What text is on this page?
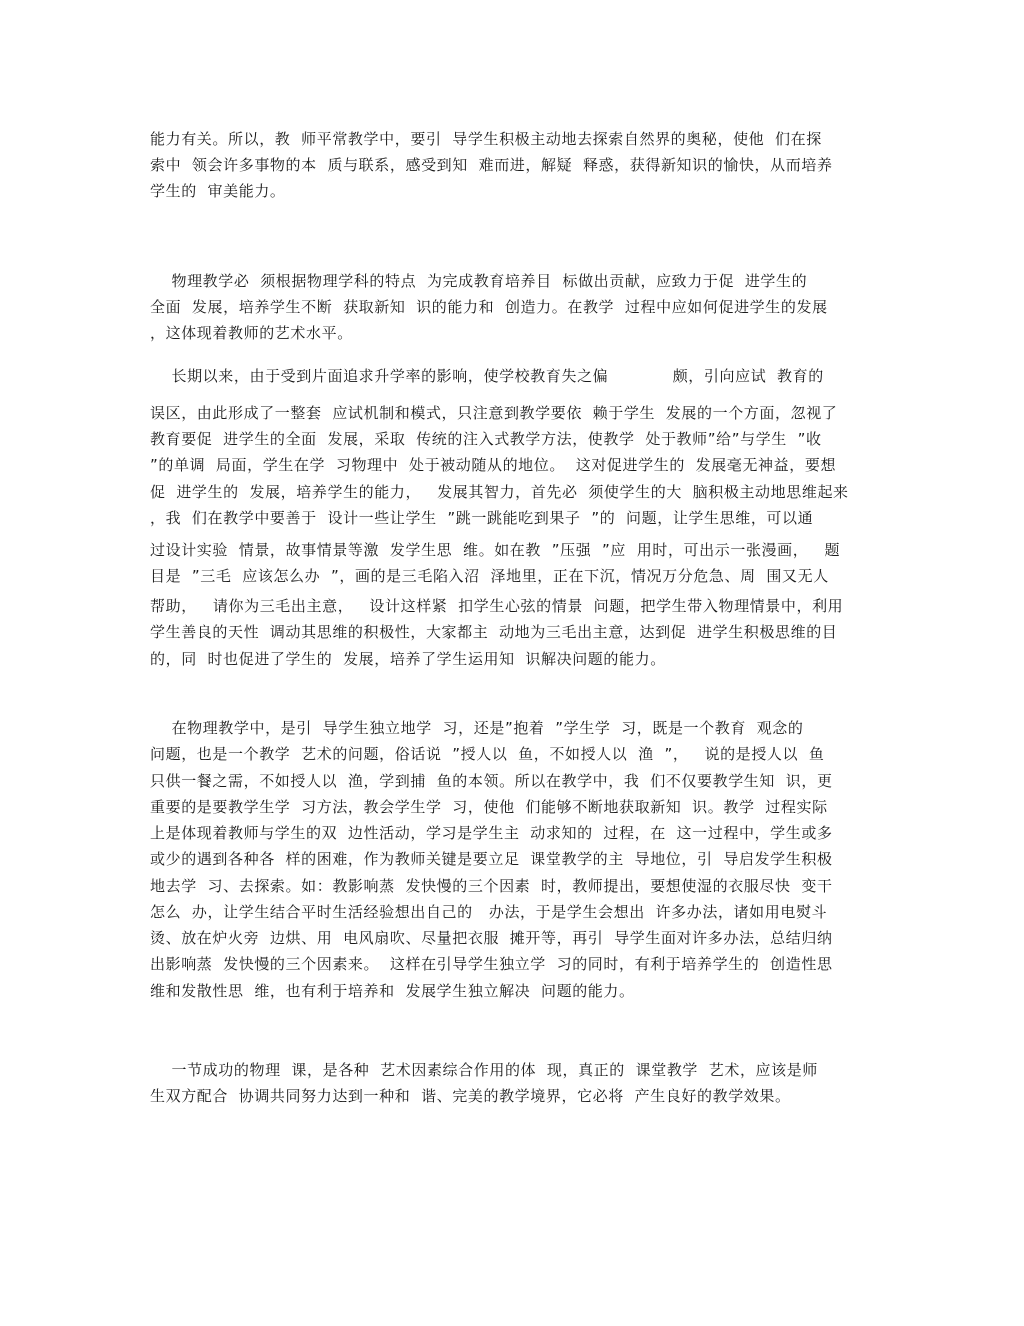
能力有关。所以，教  师平常教学中，要引  导学生积极主动地去探索自然界的奥秘，使他  们在探
索中  领会许多事物的本  质与联系，感受到知  难而进，解疑  释惑，获得新知识的愉快，从而培养
学生的  审美能力。
物理教学必  须根据物理学科的特点  为完成教育培养目  标做出贡献，应致力于促  进学生的
全面  发展，培养学生不断  获取新知  识的能力和  创造力。在教学  过程中应如何促进学生的发展
，这体现着教师的艺术水平。
长期以来，由于受到片面追求升学率的影响，使学校教育失之偏            颇，引向应试  教育的
误区，由此形成了一整套  应试机制和模式，只注意到教学要依  赖于学生  发展的一个方面，忽视了
教育要促  进学生的全面  发展，采取  传统的注入式教学方法，使教学  处于教师”给”与学生  ”收
”的单调  局面，学生在学  习物理中  处于被动随从的地位。  这对促进学生的  发展毫无神益，要想
促  进学生的  发展，培养学生的能力，   发展其智力，首先必  须使学生的大  脑积极主动地思维起来
，我  们在教学中要善于  设计一些让学生  ”跳一跳能吃到果子  ”的  问题，让学生思维，可以通
过设计实验  情景，故事情景等激  发学生思  维。如在教  ”压强  ”应  用时，可出示一张漫画，   题
目是  ”三毛  应该怎么办  ”，画的是三毛陷入沼  泽地里，正在下沉，情况万分危急、周  围又无人
帮助，   请你为三毛出主意，   设计这样紧  扣学生心弦的情景  问题，把学生带入物理情景中，利用
学生善良的天性  调动其思维的积极性，大家都主  动地为三毛出主意，达到促  进学生积极思维的目
的，同  时也促进了学生的  发展，培养了学生运用知  识解决问题的能力。
在物理教学中，是引  导学生独立地学  习，还是”抱着  ”学生学  习，既是一个教育  观念的
问题，也是一个教学  艺术的问题，俗话说  ”授人以  鱼，不如授人以  渔  ”，   说的是授人以  鱼
只供一餐之需，不如授人以  渔，学到捕  鱼的本领。所以在教学中，我  们不仅要教学生知  识，更
重要的是要教学生学  习方法，教会学生学  习，使他  们能够不断地获取新知  识。教学  过程实际
上是体现着教师与学生的双  边性活动，学习是学生主  动求知的  过程，在  这一过程中，学生或多
或少的遇到各种各  样的困难，作为教师关键是要立足  课堂教学的主  导地位，引  导启发学生积极
地去学  习、去探索。如：教影响蒸  发快慢的三个因素  时，教师提出，要想使湿的衣服尽快  变干
怎么  办，让学生结合平时生活经验想出自己的   办法，于是学生会想出  许多办法，诸如用电熨斗
烫、放在炉火旁  边烘、用  电风扇吹、尽量把衣服  摊开等，再引  导学生面对许多办法，总结归纳
出影响蒸  发快慢的三个因素来。  这样在引导学生独立学  习的同时，有利于培养学生的  创造性思
维和发散性思  维，也有利于培养和  发展学生独立解决  问题的能力。
一节成功的物理  课，是各种  艺术因素综合作用的体  现，真正的  课堂教学  艺术，应该是师
生双方配合  协调共同努力达到一种和  谐、完美的教学境界，它必将  产生良好的教学效果。
